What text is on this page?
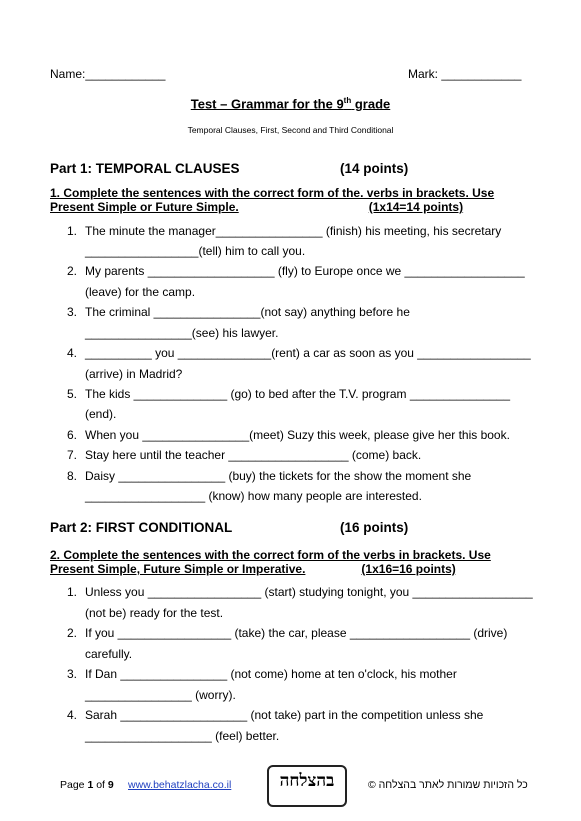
Name:____________	Mark: ____________
Test – Grammar for the 9th grade
Temporal Clauses, First, Second and Third Conditional
Part 1: TEMPORAL CLAUSES	(14 points)
1. Complete the sentences with the correct form of the. verbs in brackets. Use
Present Simple or Future Simple.	(1x14=14 points)
1. The minute the manager________________ (finish) his meeting, his secretary
_________________(tell) him to call you.
2. My parents ___________________ (fly) to Europe once we __________________
(leave) for the camp.
3. The criminal ________________(not say) anything before he
________________(see) his lawyer.
4. __________ you ______________(rent) a car as soon as you _________________
(arrive) in Madrid?
5. The kids ______________ (go) to bed after the T.V. program _______________
(end).
6. When you ________________(meet) Suzy this week, please give her this book.
7. Stay here until the teacher __________________ (come) back.
8. Daisy ________________ (buy) the tickets for the show the moment she
__________________ (know) how many people are interested.
Part 2: FIRST CONDITIONAL	(16 points)
2. Complete the sentences with the correct form of the verbs in brackets. Use
Present Simple, Future Simple or Imperative.	(1x16=16 points)
1. Unless you _________________ (start) studying tonight, you __________________
(not be) ready for the test.
2. If you _________________ (take) the car, please __________________ (drive)
carefully.
3. If Dan ________________ (not come) home at ten o'clock, his mother
________________ (worry).
4. Sarah ___________________ (not take) part in the competition unless she
___________________ (feel) better.
Page 1 of 9 www.behatzlacha.co.il	בהצלחה	כל הזכויות שמורות לאתר בהצלחה ©
